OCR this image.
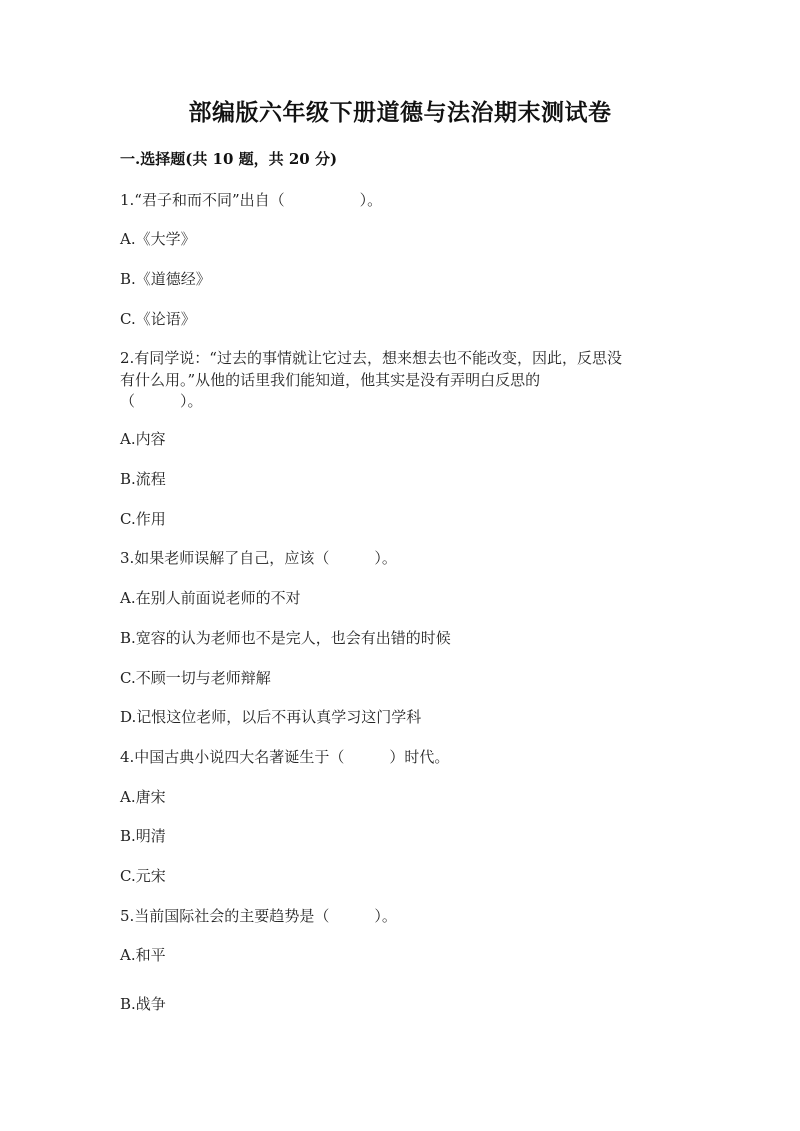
部编版六年级下册道德与法治期末测试卷
一.选择题(共 10 题，共 20 分)
1.“君子和而不同”出自（　　　　　）。
A.《大学》
B.《道德经》
C.《论语》
2.有同学说：“过去的事情就让它过去，想来想去也不能改变，因此，反思没
有什么用。”从他的话里我们能知道，他其实是没有弄明白反思的
（　　　）。
A.内容
B.流程
C.作用
3.如果老师误解了自己，应该（　　　）。
A.在别人前面说老师的不对
B.宽容的认为老师也不是完人，也会有出错的时候
C.不顾一切与老师辩解
D.记恨这位老师，以后不再认真学习这门学科
4.中国古典小说四大名著诞生于（　　　）时代。
A.唐宋
B.明清
C.元宋
5.当前国际社会的主要趋势是（　　　）。
A.和平
B.战争
